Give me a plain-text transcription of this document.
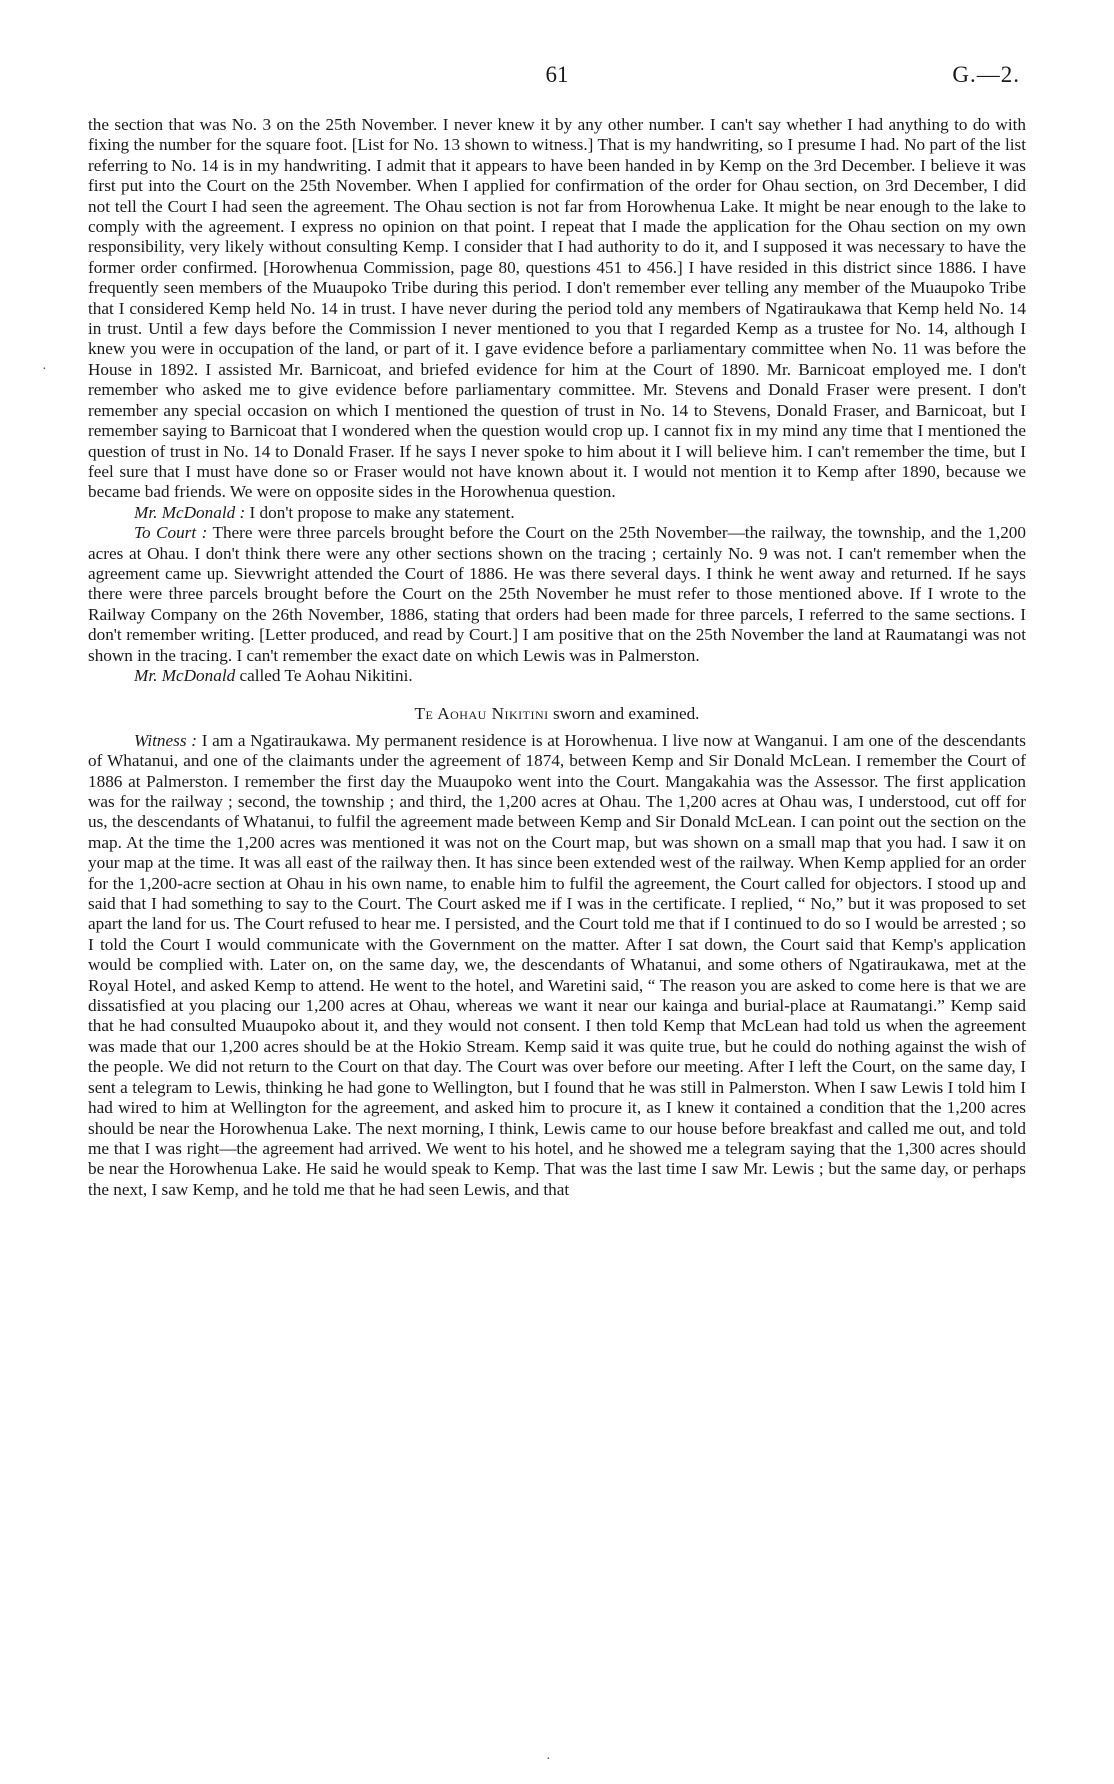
61	G.—2.

the section that was No. 3 on the 25th November. I never knew it by any other number. I can't say whether I had anything to do with fixing the number for the square foot. [List for No. 13 shown to witness.] That is my handwriting, so I presume I had. No part of the list referring to No. 14 is in my handwriting. I admit that it appears to have been handed in by Kemp on the 3rd December. I believe it was first put into the Court on the 25th November. When I applied for confirmation of the order for Ohau section, on 3rd December, I did not tell the Court I had seen the agreement. The Ohau section is not far from Horowhenua Lake. It might be near enough to the lake to comply with the agreement. I express no opinion on that point. I repeat that I made the application for the Ohau section on my own responsibility, very likely without consulting Kemp. I consider that I had authority to do it, and I supposed it was necessary to have the former order confirmed. [Horowhenua Commission, page 80, questions 451 to 456.] I have resided in this district since 1886. I have frequently seen members of the Muaupoko Tribe during this period. I don't remember ever telling any member of the Muaupoko Tribe that I considered Kemp held No. 14 in trust. I have never during the period told any members of Ngatiraukawa that Kemp held No. 14 in trust. Until a few days before the Commission I never mentioned to you that I regarded Kemp as a trustee for No. 14, although I knew you were in occupation of the land, or part of it. I gave evidence before a parliamentary committee when No. 11 was before the House in 1892. I assisted Mr. Barnicoat, and briefed evidence for him at the Court of 1890. Mr. Barnicoat employed me. I don't remember who asked me to give evidence before parliamentary committee. Mr. Stevens and Donald Fraser were present. I don't remember any special occasion on which I mentioned the question of trust in No. 14 to Stevens, Donald Fraser, and Barnicoat, but I remember saying to Barnicoat that I wondered when the question would crop up. I cannot fix in my mind any time that I mentioned the question of trust in No. 14 to Donald Fraser. If he says I never spoke to him about it I will believe him. I can't remember the time, but I feel sure that I must have done so or Fraser would not have known about it. I would not mention it to Kemp after 1890, because we became bad friends. We were on opposite sides in the Horowhenua question.

Mr. McDonald : I don't propose to make any statement.

To Court : There were three parcels brought before the Court on the 25th November—the railway, the township, and the 1,200 acres at Ohau. I don't think there were any other sections shown on the tracing ; certainly No. 9 was not. I can't remember when the agreement came up. Sievwright attended the Court of 1886. He was there several days. I think he went away and returned. If he says there were three parcels brought before the Court on the 25th November he must refer to those mentioned above. If I wrote to the Railway Company on the 26th November, 1886, stating that orders had been made for three parcels, I referred to the same sections. I don't remember writing. [Letter produced, and read by Court.] I am positive that on the 25th November the land at Raumatangi was not shown in the tracing. I can't remember the exact date on which Lewis was in Palmerston.

Mr. McDonald called Te Aohau Nikitini.

Te Aohau Nikitini sworn and examined.

Witness : I am a Ngatiraukawa. My permanent residence is at Horowhenua. I live now at Wanganui. I am one of the descendants of Whatanui, and one of the claimants under the agreement of 1874, between Kemp and Sir Donald McLean. I remember the Court of 1886 at Palmerston. I remember the first day the Muaupoko went into the Court. Mangakahia was the Assessor. The first application was for the railway ; second, the township ; and third, the 1,200 acres at Ohau. The 1,200 acres at Ohau was, I understood, cut off for us, the descendants of Whatanui, to fulfil the agreement made between Kemp and Sir Donald McLean. I can point out the section on the map. At the time the 1,200 acres was mentioned it was not on the Court map, but was shown on a small map that you had. I saw it on your map at the time. It was all east of the railway then. It has since been extended west of the railway. When Kemp applied for an order for the 1,200-acre section at Ohau in his own name, to enable him to fulfil the agreement, the Court called for objectors. I stood up and said that I had something to say to the Court. The Court asked me if I was in the certificate. I replied, “ No,” but it was proposed to set apart the land for us. The Court refused to hear me. I persisted, and the Court told me that if I continued to do so I would be arrested ; so I told the Court I would communicate with the Government on the matter. After I sat down, the Court said that Kemp's application would be complied with. Later on, on the same day, we, the descendants of Whatanui, and some others of Ngatiraukawa, met at the Royal Hotel, and asked Kemp to attend. He went to the hotel, and Waretini said, “ The reason you are asked to come here is that we are dissatisfied at you placing our 1,200 acres at Ohau, whereas we want it near our kainga and burial-place at Raumatangi.” Kemp said that he had consulted Muaupoko about it, and they would not consent. I then told Kemp that McLean had told us when the agreement was made that our 1,200 acres should be at the Hokio Stream. Kemp said it was quite true, but he could do nothing against the wish of the people. We did not return to the Court on that day. The Court was over before our meeting. After I left the Court, on the same day, I sent a telegram to Lewis, thinking he had gone to Wellington, but I found that he was still in Palmerston. When I saw Lewis I told him I had wired to him at Wellington for the agreement, and asked him to procure it, as I knew it contained a condition that the 1,200 acres should be near the Horowhenua Lake. The next morning, I think, Lewis came to our house before breakfast and called me out, and told me that I was right—the agreement had arrived. We went to his hotel, and he showed me a telegram saying that the 1,300 acres should be near the Horowhenua Lake. He said he would speak to Kemp. That was the last time I saw Mr. Lewis ; but the same day, or perhaps the next, I saw Kemp, and he told me that he had seen Lewis, and that

·
·
